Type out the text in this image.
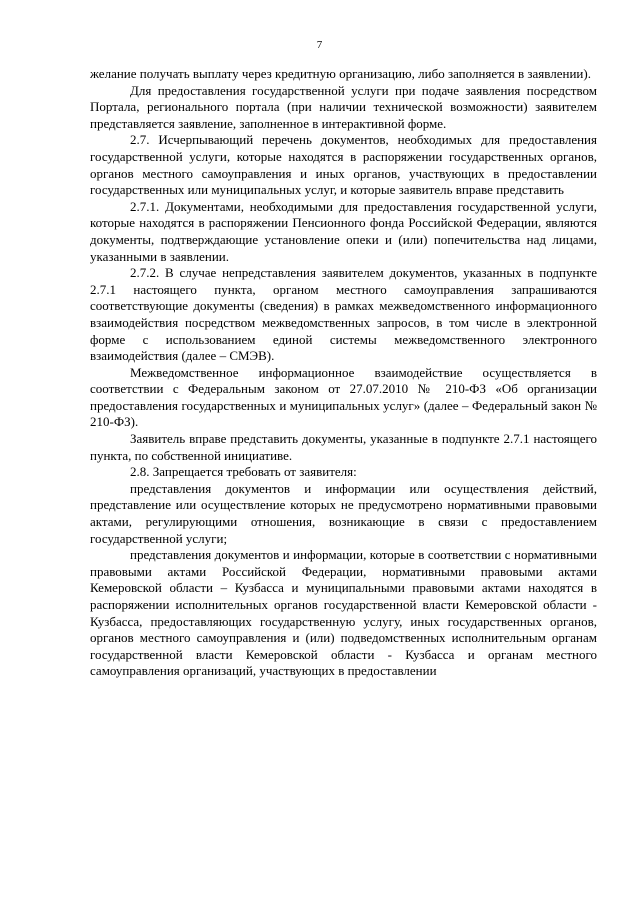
7

желание получать выплату через кредитную организацию, либо заполняется в заявлении).

Для предоставления государственной услуги при подаче заявления посредством Портала, регионального портала (при наличии технической возможности) заявителем представляется заявление, заполненное в интерактивной форме.

2.7. Исчерпывающий перечень документов, необходимых для предоставления государственной услуги, которые находятся в распоряжении государственных органов, органов местного самоуправления и иных органов, участвующих в предоставлении государственных или муниципальных услуг, и которые заявитель вправе представить

2.7.1. Документами, необходимыми для предоставления государственной услуги, которые находятся в распоряжении Пенсионного фонда Российской Федерации, являются документы, подтверждающие установление опеки и (или) попечительства над лицами, указанными в заявлении.

2.7.2. В случае непредставления заявителем документов, указанных в подпункте 2.7.1 настоящего пункта, органом местного самоуправления запрашиваются соответствующие документы (сведения) в рамках межведомственного информационного взаимодействия посредством межведомственных запросов, в том числе в электронной форме с использованием единой системы межведомственного электронного взаимодействия (далее – СМЭВ).

Межведомственное информационное взаимодействие осуществляется в соответствии с Федеральным законом от 27.07.2010 № 210-ФЗ «Об организации предоставления государственных и муниципальных услуг» (далее – Федеральный закон № 210-ФЗ).

Заявитель вправе представить документы, указанные в подпункте 2.7.1 настоящего пункта, по собственной инициативе.

2.8. Запрещается требовать от заявителя:

представления документов и информации или осуществления действий, представление или осуществление которых не предусмотрено нормативными правовыми актами, регулирующими отношения, возникающие в связи с предоставлением государственной услуги;

представления документов и информации, которые в соответствии с нормативными правовыми актами Российской Федерации, нормативными правовыми актами Кемеровской области – Кузбасса и муниципальными правовыми актами находятся в распоряжении исполнительных органов государственной власти Кемеровской области - Кузбасса, предоставляющих государственную услугу, иных государственных органов, органов местного самоуправления и (или) подведомственных исполнительным органам государственной власти Кемеровской области - Кузбасса и органам местного самоуправления организаций, участвующих в предоставлении
